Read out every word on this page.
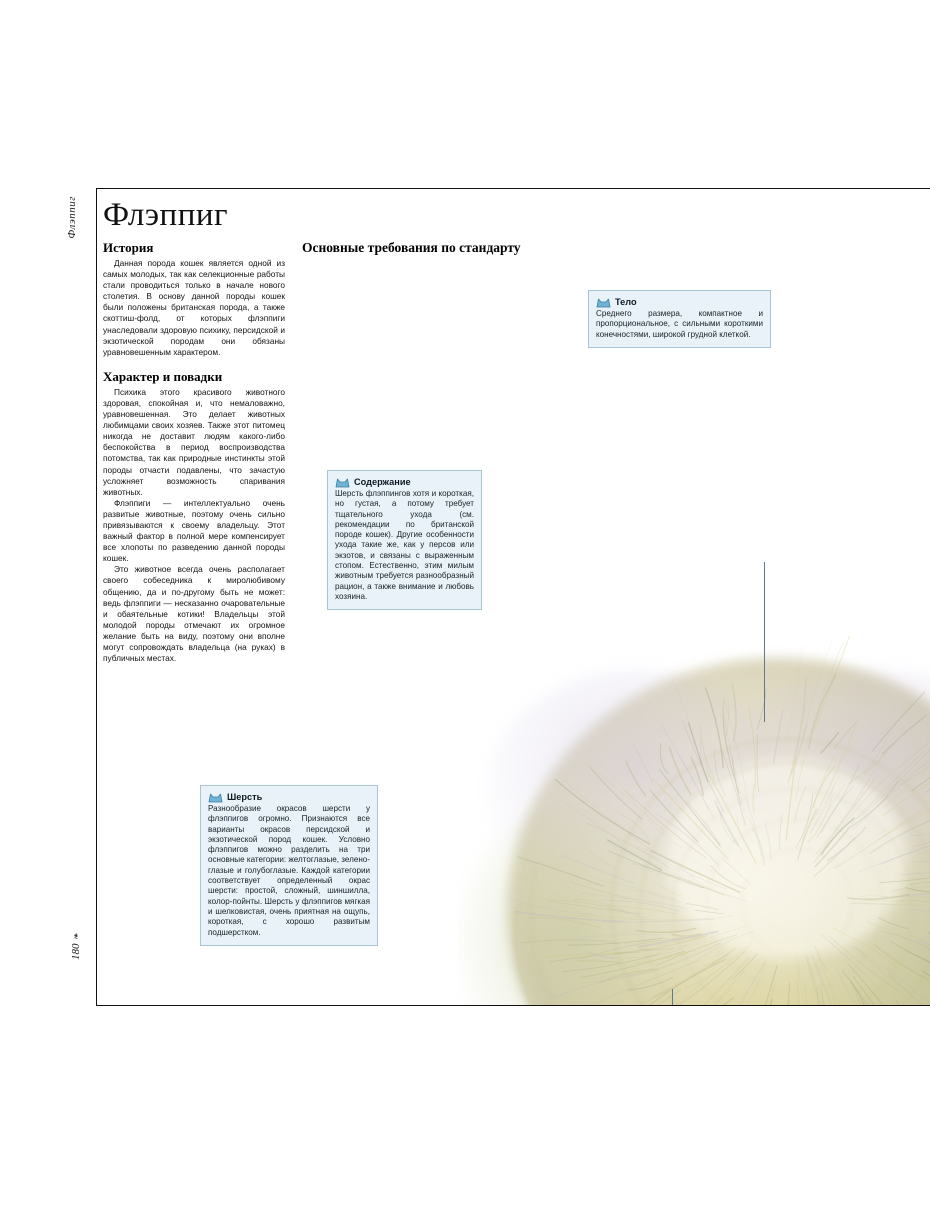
Флэппиг
180❧
Флэппиг
История

Данная порода кошек является одной из самых молодых, так как селекционные работы стали проводиться только в начале нового столетия. В основу данной породы кошек были положены британская порода, а также скоттиш-фолд, от которых флэппиги унаследовали здоровую психику, персидской и экзотической породам они обязаны уравновешенным характером.

Характер и повадки

Психика этого красивого животного здоровая, спокойная и, что немаловажно, уравновешенная. Это делает животных любимцами своих хозяев. Также этот питомец никогда не доставит людям какого-либо беспокойства в период воспроизводства потомства, так как природные инстинкты этой породы отчасти подавлены, что зачастую усложняет возможность спаривания животных.

Флэппиги — интеллектуально очень развитые животные, поэтому очень сильно привязываются к своему владельцу. Этот важный фактор в полной мере компенсирует все хлопоты по разведению данной породы кошек.

Это животное всегда очень располагает своего собеседника к миролюбивому общению, да и по-другому быть не может: ведь флэппиги — несказанно очаровательные и обаятельные котики! Владельцы этой молодой породы отмечают их огромное желание быть на виду, поэтому они вполне могут сопровождать владельца (на руках) в публичных местах.

Основные требования по стандарту
Тело
Среднего размера, компактное и пропорциональное, с сильными короткими конечностями, широкой грудной клеткой.
Содержание
Шерсть флэппингов хотя и короткая, но густая, а потому требует тщательного ухода (см. рекомендации по британской породе кошек). Другие особенности ухода такие же, как у персов или экзотов, и связаны с выраженным стопом. Естественно, этим милым животным требуется разнообразный рацион, а также внимание и любовь хозяина.
Шерсть
Разнообразие окрасов шерсти у флэппигов огромно. Признаются все варианты окрасов персидской и экзотической пород кошек. Условно флэппигов можно разделить на три основные категории: желтоглазые, зелено-глазые и голубоглазые. Каждой категории соответствует определенный окрас шерсти: простой, сложный, шиншилла, колор-пойнты. Шерсть у флэппигов мягкая и шелковистая, очень приятная на ощупь, короткая, с хорошо развитым подшерстком.
